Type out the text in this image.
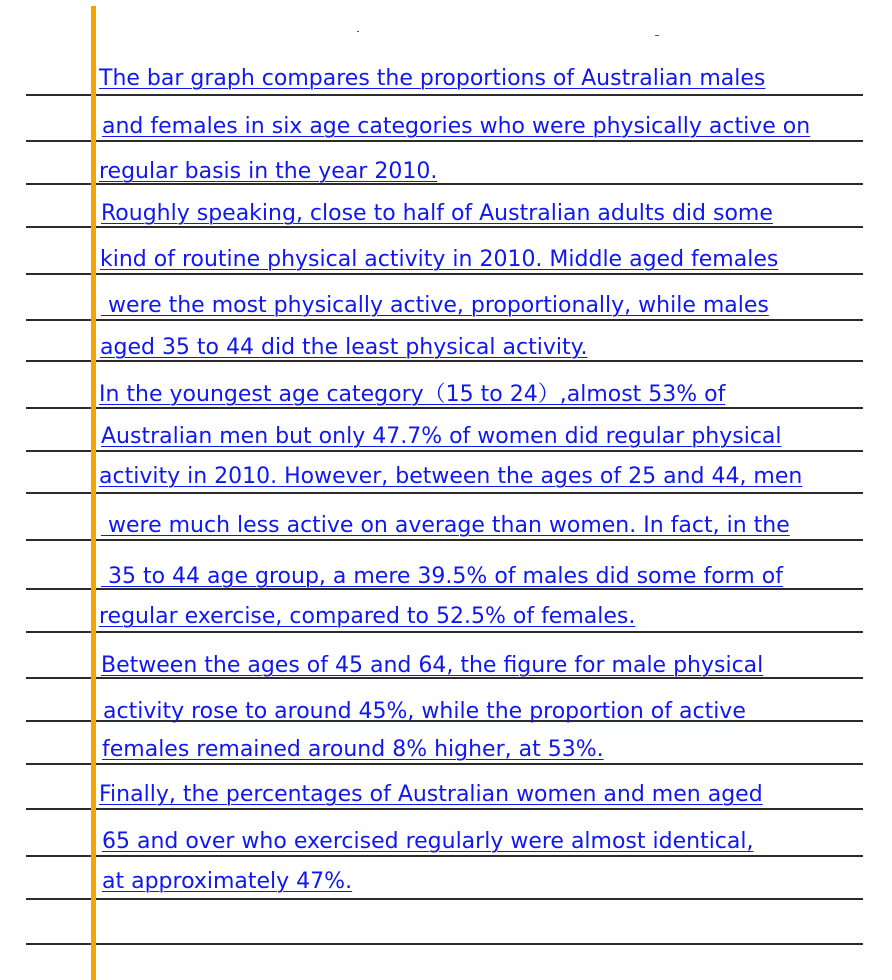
The bar graph compares the proportions of Australian males
and females in six age categories who were physically active on
regular basis in the year 2010.
Roughly speaking, close to half of Australian adults did some
kind of routine physical activity in 2010. Middle aged females
were the most physically active, proportionally, while males
aged 35 to 44 did the least physical activity.
In the youngest age category（15 to 24）,almost 53% of
Australian men but only 47.7% of women did regular physical
activity in 2010. However, between the ages of 25 and 44, men
were much less active on average than women. In fact, in the
35 to 44 age group, a mere 39.5% of males did some form of
regular exercise, compared to 52.5% of females.
Between the ages of 45 and 64, the figure for male physical
activity rose to around 45%, while the proportion of active
females remained around 8% higher, at 53%.
Finally, the percentages of Australian women and men aged
65 and over who exercised regularly were almost identical,
at approximately 47%.
